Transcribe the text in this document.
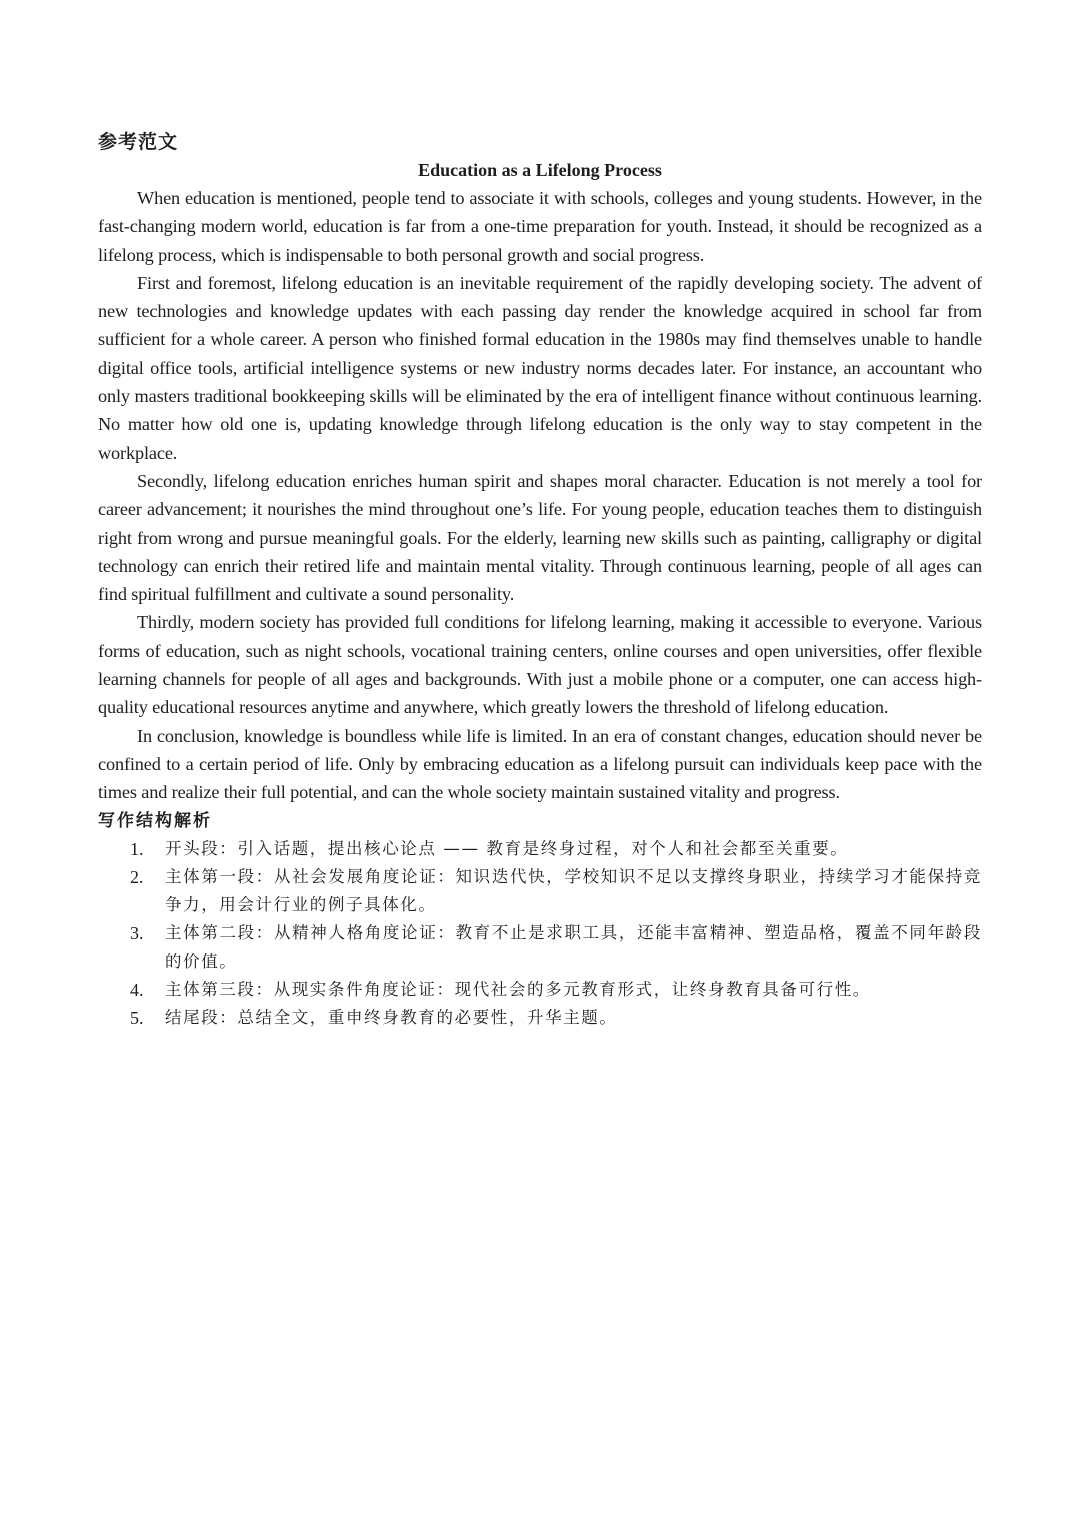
参考范文
Education as a Lifelong Process

When education is mentioned, people tend to associate it with schools, colleges and young students. However, in the fast-changing modern world, education is far from a one-time preparation for youth. Instead, it should be recognized as a lifelong process, which is indispensable to both personal growth and social progress.

First and foremost, lifelong education is an inevitable requirement of the rapidly developing society. The advent of new technologies and knowledge updates with each passing day render the knowledge acquired in school far from sufficient for a whole career. A person who finished formal education in the 1980s may find themselves unable to handle digital office tools, artificial intelligence systems or new industry norms decades later. For instance, an accountant who only masters traditional bookkeeping skills will be eliminated by the era of intelligent finance without continuous learning. No matter how old one is, updating knowledge through lifelong education is the only way to stay competent in the workplace.

Secondly, lifelong education enriches human spirit and shapes moral character. Education is not merely a tool for career advancement; it nourishes the mind throughout one’s life. For young people, education teaches them to distinguish right from wrong and pursue meaningful goals. For the elderly, learning new skills such as painting, calligraphy or digital technology can enrich their retired life and maintain mental vitality. Through continuous learning, people of all ages can find spiritual fulfillment and cultivate a sound personality.

Thirdly, modern society has provided full conditions for lifelong learning, making it accessible to everyone. Various forms of education, such as night schools, vocational training centers, online courses and open universities, offer flexible learning channels for people of all ages and backgrounds. With just a mobile phone or a computer, one can access high-quality educational resources anytime and anywhere, which greatly lowers the threshold of lifelong education.

In conclusion, knowledge is boundless while life is limited. In an era of constant changes, education should never be confined to a certain period of life. Only by embracing education as a lifelong pursuit can individuals keep pace with the times and realize their full potential, and can the whole society maintain sustained vitality and progress.

写作结构解析
1. 开头段：引入话题，提出核心论点 —— 教育是终身过程，对个人和社会都至关重要。
2. 主体第一段：从社会发展角度论证：知识迭代快，学校知识不足以支撑终身职业，持续学习才能保持竞争力，用会计行业的例子具体化。
3. 主体第二段：从精神人格角度论证：教育不止是求职工具，还能丰富精神、塑造品格，覆盖不同年龄段的价值。
4. 主体第三段：从现实条件角度论证：现代社会的多元教育形式，让终身教育具备可行性。
5. 结尾段：总结全文，重申终身教育的必要性，升华主题。
